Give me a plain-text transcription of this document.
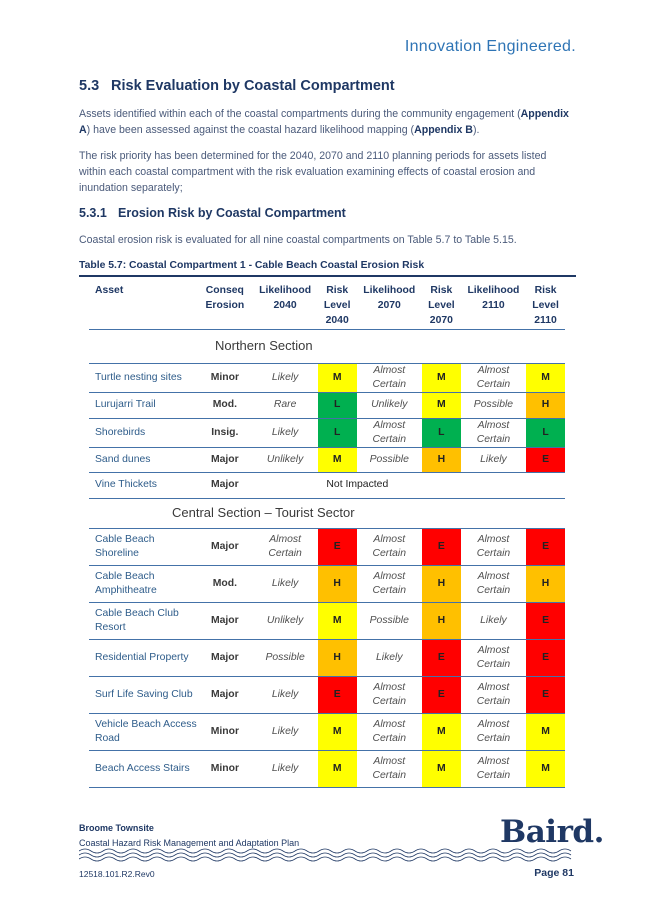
Innovation Engineered.
5.3 Risk Evaluation by Coastal Compartment
Assets identified within each of the coastal compartments during the community engagement (Appendix A) have been assessed against the coastal hazard likelihood mapping (Appendix B).
The risk priority has been determined for the 2040, 2070 and 2110 planning periods for assets listed within each coastal compartment with the risk evaluation examining effects of coastal erosion and inundation separately;
5.3.1 Erosion Risk by Coastal Compartment
Coastal erosion risk is evaluated for all nine coastal compartments on Table 5.7 to Table 5.15.
Table 5.7: Coastal Compartment 1 - Cable Beach Coastal Erosion Risk
Asset	Conseq Erosion	Likelihood 2040	Risk Level 2040	Likelihood 2070	Risk Level 2070	Likelihood 2110	Risk Level 2110
Northern Section							
Turtle nesting sites	Minor	Likely	M	Almost Certain	M	Almost Certain	M
Lurujarri Trail	Mod.	Rare	L	Unlikely	M	Possible	H
Shorebirds	Insig.	Likely	L	Almost Certain	L	Almost Certain	L
Sand dunes	Major	Unlikely	M	Possible	H	Likely	E
Vine Thickets	Major	Not Impacted					
Central Section – Tourist Sector							
Cable Beach Shoreline	Major	Almost Certain	E	Almost Certain	E	Almost Certain	E
Cable Beach Amphitheatre	Mod.	Likely	H	Almost Certain	H	Almost Certain	H
Cable Beach Club Resort	Major	Unlikely	M	Possible	H	Likely	E
Residential Property	Major	Possible	H	Likely	E	Almost Certain	E
Surf Life Saving Club	Major	Likely	E	Almost Certain	E	Almost Certain	E
Vehicle Beach Access Road	Minor	Likely	M	Almost Certain	M	Almost Certain	M
Beach Access Stairs	Minor	Likely	M	Almost Certain	M	Almost Certain	M
Broome Townsite
Coastal Hazard Risk Management and Adaptation Plan	Baird.
12518.101.R2.Rev0	Page 81
